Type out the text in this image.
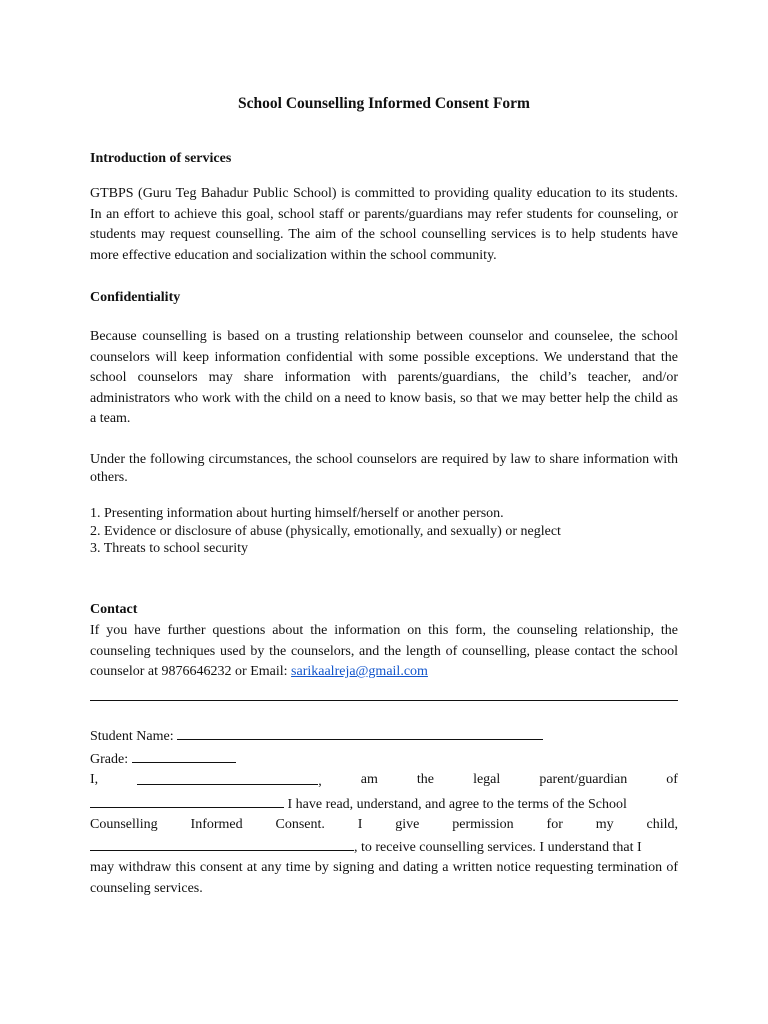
School Counselling Informed Consent Form
Introduction of services
GTBPS (Guru Teg Bahadur Public School) is committed to providing quality education to its students. In an effort to achieve this goal, school staff or parents/guardians may refer students for counseling, or students may request counselling. The aim of the school counselling services is to help students have more effective education and socialization within the school community.
Confidentiality
Because counselling is based on a trusting relationship between counselor and counselee, the school counselors will keep information confidential with some possible exceptions. We understand that the school counselors may share information with parents/guardians, the child’s teacher, and/or administrators who work with the child on a need to know basis, so that we may better help the child as a team.
Under the following circumstances, the school counselors are required by law to share information with others.
1. Presenting information about hurting himself/herself or another person.
2. Evidence or disclosure of abuse (physically, emotionally, and sexually) or neglect
3. Threats to school security
Contact
If you have further questions about the information on this form, the counseling relationship, the counseling techniques used by the counselors, and the length of counselling, please contact the school counselor at 9876646232 or Email: sarikaalreja@gmail.com
Student Name:
Grade:
I,	,	am	the	legal	parent/guardian	of
I have read, understand, and agree to the terms of the School
Counselling Informed Consent. I give permission for my child,
, to receive counselling services. I understand that I
may withdraw this consent at any time by signing and dating a written notice requesting termination of counseling services.
